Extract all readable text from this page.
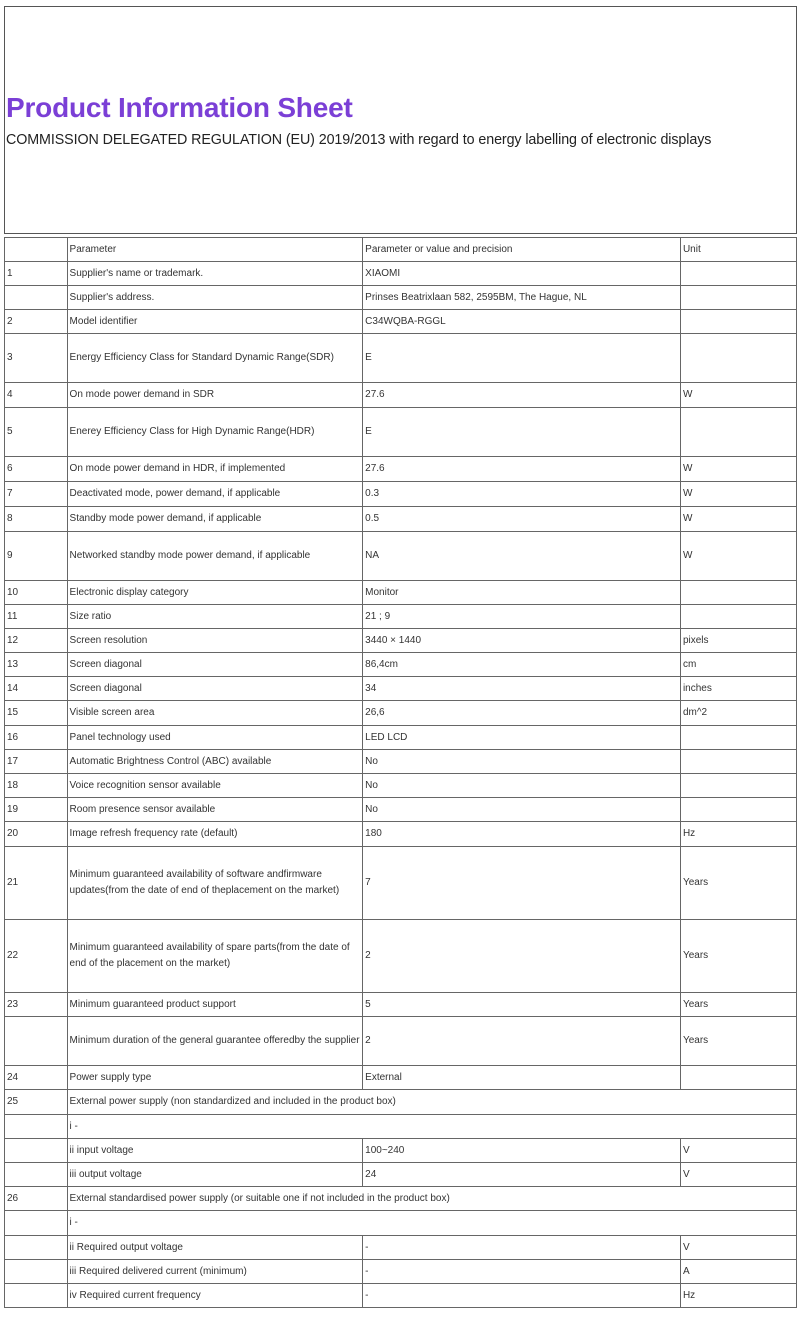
Product Information Sheet
COMMISSION DELEGATED REGULATION (EU) 2019/2013 with regard to energy labelling of electronic displays
	Parameter	Parameter or value and precision	Unit
1	Supplier's name or trademark.	XIAOMI	
	Supplier's address.	Prinses Beatrixlaan 582, 2595BM, The Hague, NL	
2	Model identifier	C34WQBA-RGGL	
3	Energy Efficiency Class for Standard Dynamic Range(SDR)	E	
4	On mode power demand in SDR	27.6	W
5	Enerey Efficiency Class for High Dynamic Range(HDR)	E	
6	On mode power demand in HDR, if implemented	27.6	W
7	Deactivated mode, power demand, if applicable	0.3	W
8	Standby mode power demand, if applicable	0.5	W
9	Networked standby mode power demand, if applicable	NA	W
10	Electronic display category	Monitor	
11	Size ratio	21 ; 9	
12	Screen resolution	3440 × 1440	pixels
13	Screen diagonal	86,4cm	cm
14	Screen diagonal	34	inches
15	Visible screen area	26,6	dm^2
16	Panel technology used	LED LCD	
17	Automatic Brightness Control (ABC) available	No	
18	Voice recognition sensor available	No	
19	Room presence sensor available	No	
20	Image refresh frequency rate (default)	180	Hz
21	Minimum guaranteed availability of software andfirmware updates(from the date of end of theplacement on the market)	7	Years
22	Minimum guaranteed availability of spare parts(from the date of end of the placement on the market)	2	Years
23	Minimum guaranteed product support	5	Years
	Minimum duration of the general guarantee offeredby the supplier	2	Years
24	Power supply type	External	
25	External power supply (non standardized and included in the product box)		
	i -		
	ii input voltage	100~240	V
	iii output voltage	24	V
26	External standardised power supply (or suitable one if not included in the product box)		
	i -		
	ii Required output voltage	-	V
	iii Required delivered current (minimum)	-	A
	iv Required current frequency	-	Hz
